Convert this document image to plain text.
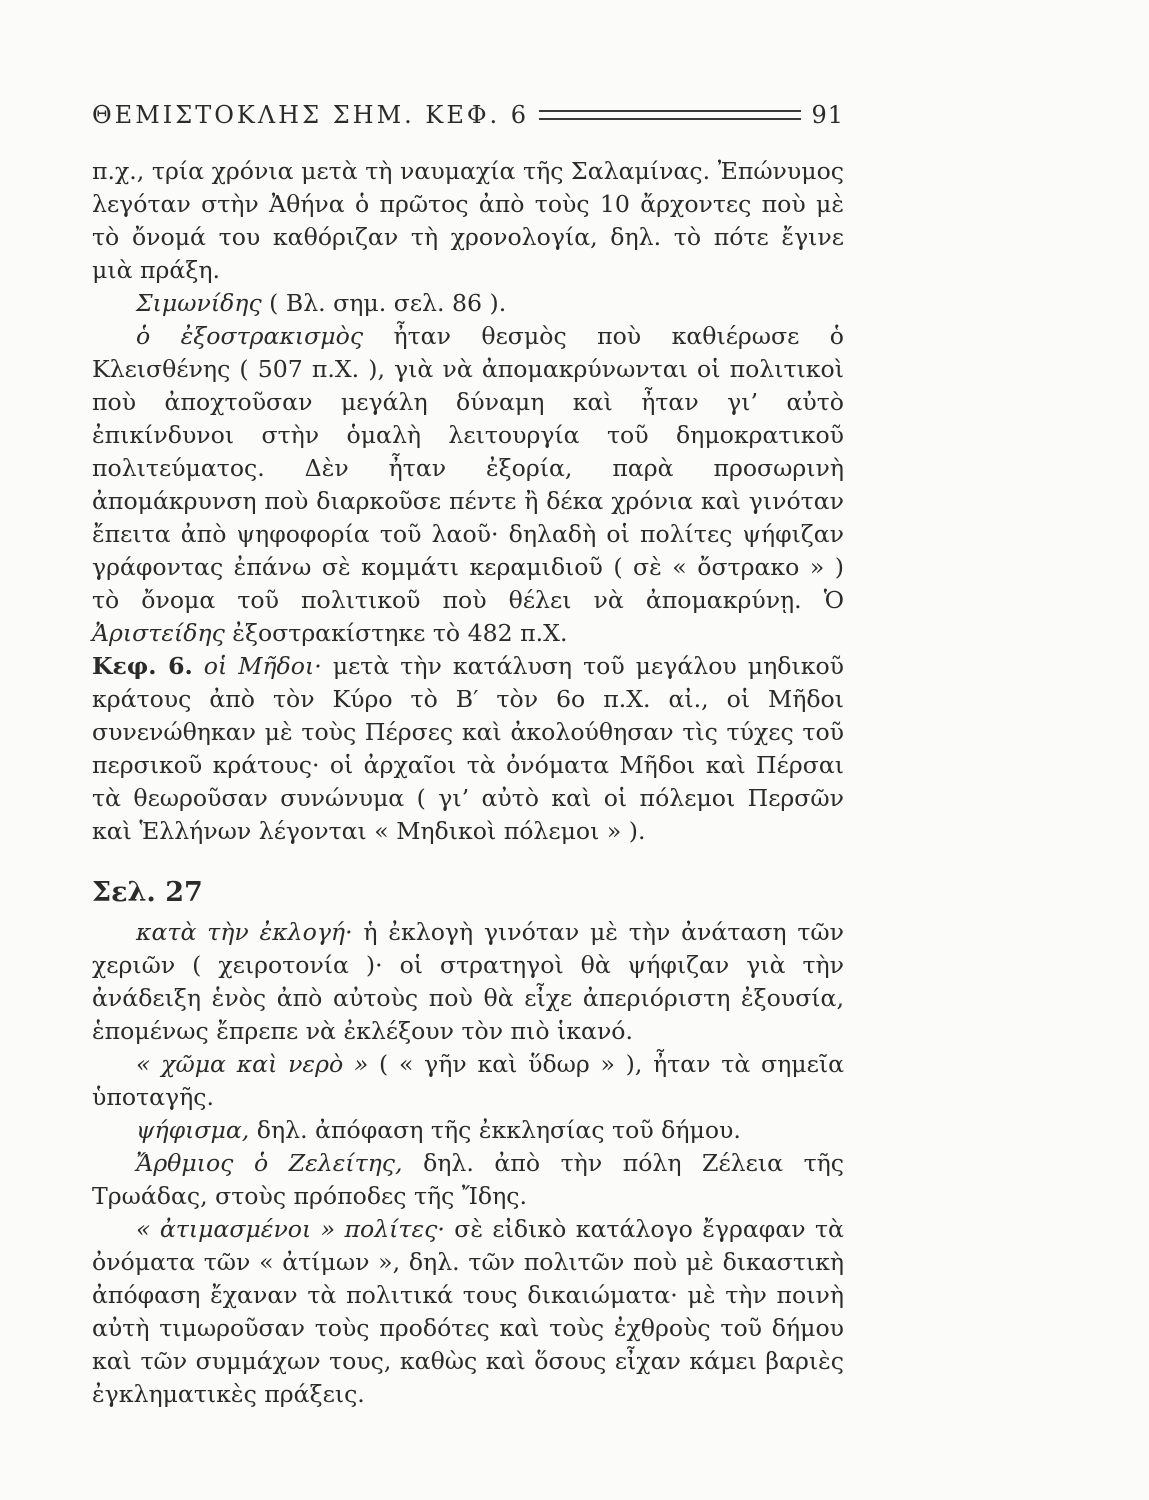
ΘΕΜΙΣΤΟΚΛΗΣ ΣΗΜ. ΚΕΦ. 6	91

π.χ., τρία χρόνια μετὰ τὴ ναυμαχία τῆς Σαλαμίνας. Ἐπώνυμος λεγόταν στὴν Ἀθήνα ὁ πρῶτος ἀπὸ τοὺς 10 ἄρχοντες ποὺ μὲ τὸ ὄνομά του καθόριζαν τὴ χρονολογία, δηλ. τὸ πότε ἔγινε μιὰ πράξη.

Σιμωνίδης ( Βλ. σημ. σελ. 86 ).

ὁ ἐξοστρακισμὸς ἦταν θεσμὸς ποὺ καθιέρωσε ὁ Κλεισθένης ( 507 π.Χ. ), γιὰ νὰ ἀπομακρύνωνται οἱ πολιτικοὶ ποὺ ἀποχτοῦσαν μεγάλη δύναμη καὶ ἦταν γι’ αὐτὸ ἐπικίνδυνοι στὴν ὁμαλὴ λειτουργία τοῦ δημοκρατικοῦ πολιτεύματος. Δὲν ἦταν ἐξορία, παρὰ προσωρινὴ ἀπομάκρυνση ποὺ διαρκοῦσε πέντε ἢ δέκα χρόνια καὶ γινόταν ἔπειτα ἀπὸ ψηφοφορία τοῦ λαοῦ· δηλαδὴ οἱ πολίτες ψήφιζαν γράφοντας ἐπάνω σὲ κομμάτι κεραμιδιοῦ ( σὲ « ὄστρακο » ) τὸ ὄνομα τοῦ πολιτικοῦ ποὺ θέλει νὰ ἀπομακρύνῃ. Ὁ Ἀριστείδης ἐξοστρακίστηκε τὸ 482 π.Χ.

Κεφ. 6. οἱ Μῆδοι· μετὰ τὴν κατάλυση τοῦ μεγάλου μηδικοῦ κράτους ἀπὸ τὸν Κύρο τὸ Β′ τὸν 6ο π.Χ. αἰ., οἱ Μῆδοι συνενώθηκαν μὲ τοὺς Πέρσες καὶ ἀκολούθησαν τὶς τύχες τοῦ περσικοῦ κράτους· οἱ ἀρχαῖοι τὰ ὀνόματα Μῆδοι καὶ Πέρσαι τὰ θεωροῦσαν συνώνυμα ( γι’ αὐτὸ καὶ οἱ πόλεμοι Περσῶν καὶ Ἑλλήνων λέγονται « Μηδικοὶ πόλεμοι » ).

Σελ. 27

κατὰ τὴν ἐκλογή· ἡ ἐκλογὴ γινόταν μὲ τὴν ἀνάταση τῶν χεριῶν ( χειροτονία )· οἱ στρατηγοὶ θὰ ψήφιζαν γιὰ τὴν ἀνάδειξη ἑνὸς ἀπὸ αὐτοὺς ποὺ θὰ εἶχε ἀπεριόριστη ἐξουσία, ἑπομένως ἔπρεπε νὰ ἐκλέξουν τὸν πιὸ ἱκανό.

« χῶμα καὶ νερὸ » ( « γῆν καὶ ὕδωρ » ), ἦταν τὰ σημεῖα ὑποταγῆς.

ψήφισμα, δηλ. ἀπόφαση τῆς ἐκκλησίας τοῦ δήμου.

Ἄρθμιος ὁ Ζελείτης, δηλ. ἀπὸ τὴν πόλη Ζέλεια τῆς Τρωάδας, στοὺς πρόποδες τῆς Ἴδης.

« ἀτιμασμένοι » πολίτες· σὲ εἰδικὸ κατάλογο ἔγραφαν τὰ ὀνόματα τῶν « ἀτίμων », δηλ. τῶν πολιτῶν ποὺ μὲ δικαστικὴ ἀπόφαση ἔχαναν τὰ πολιτικά τους δικαιώματα· μὲ τὴν ποινὴ αὐτὴ τιμωροῦσαν τοὺς προδότες καὶ τοὺς ἐχθροὺς τοῦ δήμου καὶ τῶν συμμάχων τους, καθὼς καὶ ὅσους εἶχαν κάμει βαριὲς ἐγκληματικὲς πράξεις.
